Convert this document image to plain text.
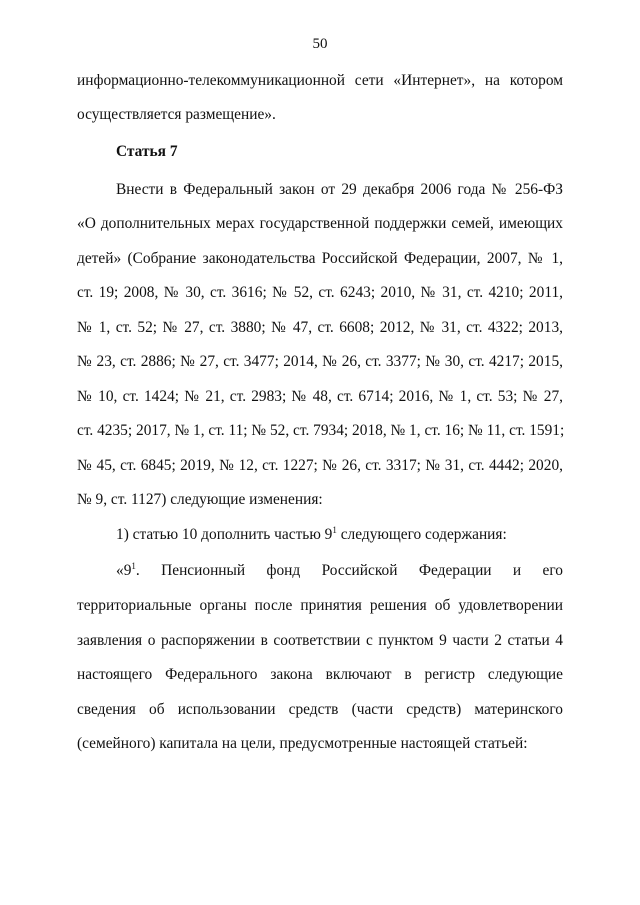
50
информационно-телекоммуникационной сети «Интернет», на котором
осуществляется размещение».
Статья 7
Внести в Федеральный закон от 29 декабря 2006 года № 256-ФЗ
«О дополнительных мерах государственной поддержки семей, имеющих
детей» (Собрание законодательства Российской Федерации, 2007, № 1,
ст. 19; 2008, № 30, ст. 3616; № 52, ст. 6243; 2010, № 31, ст. 4210; 2011,
№ 1, ст. 52; № 27, ст. 3880; № 47, ст. 6608; 2012, № 31, ст. 4322; 2013,
№ 23, ст. 2886; № 27, ст. 3477; 2014, № 26, ст. 3377; № 30, ст. 4217; 2015,
№ 10, ст. 1424; № 21, ст. 2983; № 48, ст. 6714; 2016, № 1, ст. 53; № 27,
ст. 4235; 2017, № 1, ст. 11; № 52, ст. 7934; 2018, № 1, ст. 16; № 11, ст. 1591;
№ 45, ст. 6845; 2019, № 12, ст. 1227; № 26, ст. 3317; № 31, ст. 4442; 2020,
№ 9, ст. 1127) следующие изменения:
1) статью 10 дополнить частью $9^1$ следующего содержания:
«$9^1$. Пенсионный фонд Российской Федерации и его
территориальные органы после принятия решения об удовлетворении
заявления о распоряжении в соответствии с пунктом 9 части 2 статьи 4
настоящего Федерального закона включают в регистр следующие
сведения об использовании средств (части средств) материнского
(семейного) капитала на цели, предусмотренные настоящей статьей:
